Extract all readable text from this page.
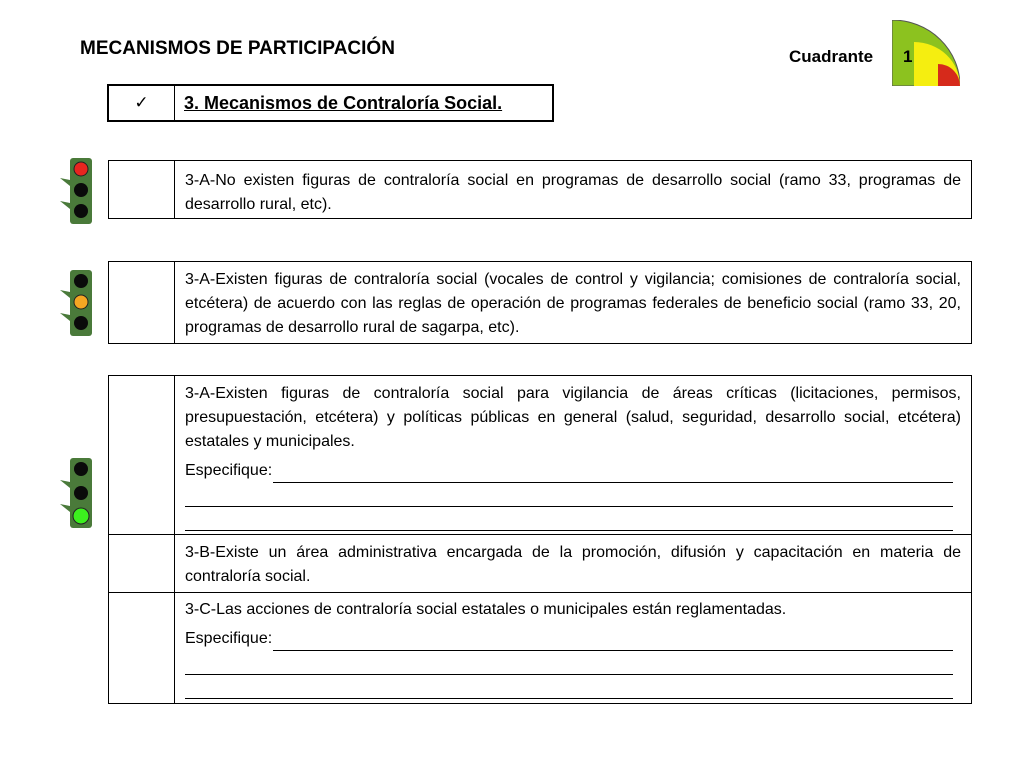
MECANISMOS DE PARTICIPACIÓN	Cuadrante 1
✓	3. Mecanismos de Contraloría Social.

3-A-No existen figuras de contraloría social en programas de desarrollo social (ramo 33, programas de desarrollo rural, etc).

3-A-Existen figuras de contraloría social (vocales de control y vigilancia; comisiones de contraloría social, etcétera) de acuerdo con las reglas de operación de programas federales de beneficio social (ramo 33, 20, programas de desarrollo rural de sagarpa, etc).

3-A-Existen figuras de contraloría social para vigilancia de áreas críticas (licitaciones, permisos, presupuestación, etcétera) y políticas públicas en general (salud, seguridad, desarrollo social, etcétera) estatales y municipales.

Especifique:

3-B-Existe un área administrativa encargada de la promoción, difusión y capacitación en materia de contraloría social.

3-C-Las acciones de contraloría social estatales o municipales están reglamentadas.

Especifique:
